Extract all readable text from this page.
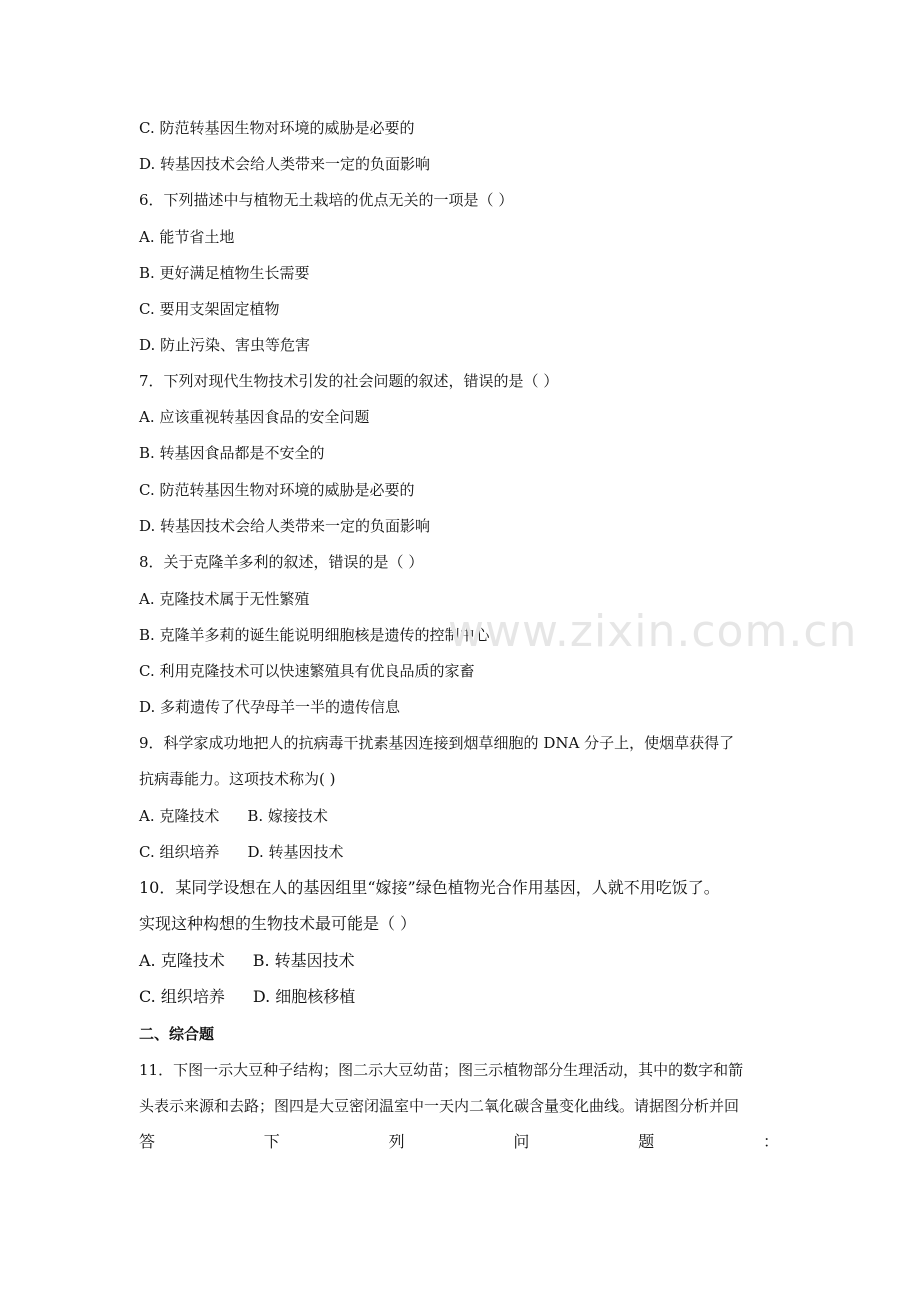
C. 防范转基因生物对环境的威胁是必要的
D. 转基因技术会给人类带来一定的负面影响
6．下列描述中与植物无土栽培的优点无关的一项是（ ）
A. 能节省土地
B. 更好满足植物生长需要
C. 要用支架固定植物
D. 防止污染、害虫等危害
7．下列对现代生物技术引发的社会问题的叙述，错误的是（ ）
A. 应该重视转基因食品的安全问题
B. 转基因食品都是不安全的
C. 防范转基因生物对环境的威胁是必要的
D. 转基因技术会给人类带来一定的负面影响
8．关于克隆羊多利的叙述，错误的是（ ）
A. 克隆技术属于无性繁殖
B. 克隆羊多莉的诞生能说明细胞核是遗传的控制中心
C. 利用克隆技术可以快速繁殖具有优良品质的家畜
D. 多莉遗传了代孕母羊一半的遗传信息
9．科学家成功地把人的抗病毒干扰素基因连接到烟草细胞的 DNA 分子上，使烟草获得了
抗病毒能力。这项技术称为( )
A. 克隆技术 B. 嫁接技术
C. 组织培养 D. 转基因技术
10．某同学设想在人的基因组里“嫁接”绿色植物光合作用基因，人就不用吃饭了。
实现这种构想的生物技术最可能是（ ）
A. 克隆技术 B. 转基因技术
C. 组织培养 D. 细胞核移植
二、综合题
11．下图一示大豆种子结构；图二示大豆幼苗；图三示植物部分生理活动，其中的数字和箭
头表示来源和去路；图四是大豆密闭温室中一天内二氧化碳含量变化曲线。请据图分析并回
答	下	列	问	题	：
www.zixin.com.cn
